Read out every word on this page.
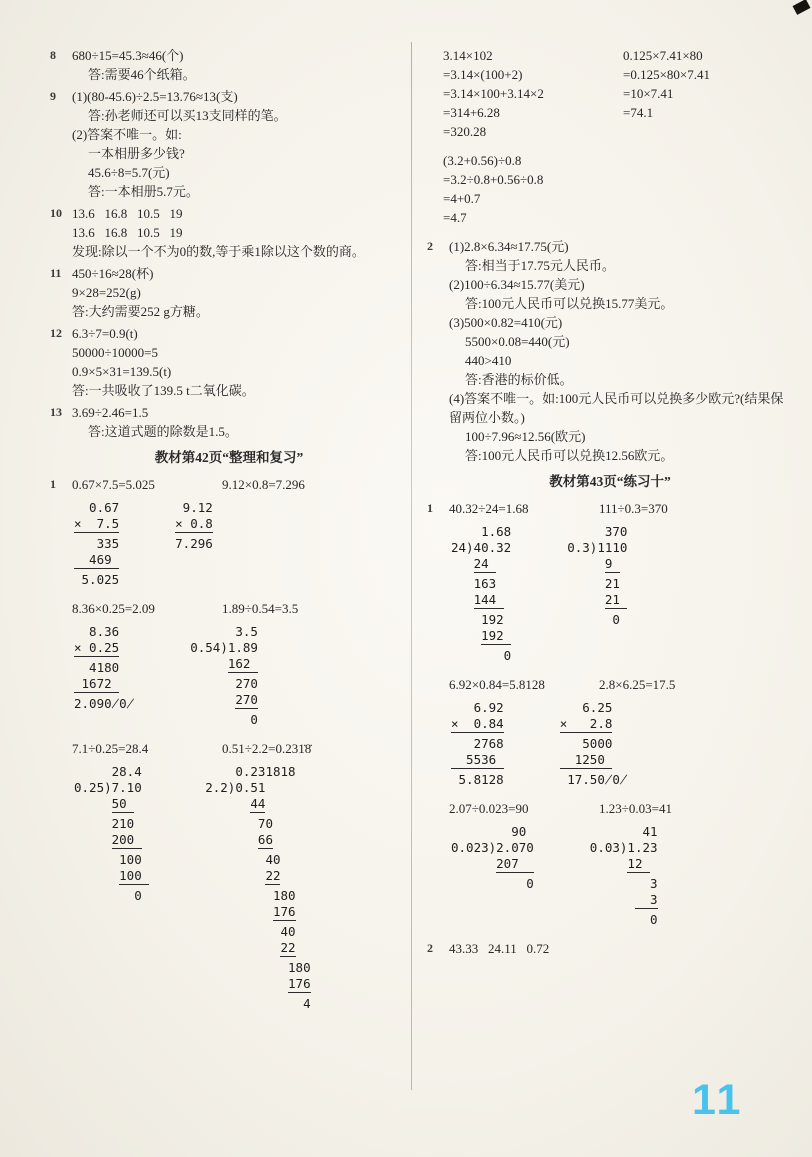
8	680÷15=45.3≈46(个)
答:需要46个纸箱。
9	(1)(80-45.6)÷2.5=13.76≈13(支)
答:孙老师还可以买13支同样的笔。
(2)答案不唯一。如:
一本相册多少钱?
45.6÷8=5.7(元)
答:一本相册5.7元。
10 13.6   16.8   10.5   19
13.6   16.8   10.5   19
发现:除以一个不为0的数,等于乘1除以这个数的商。
11 450÷16≈28(杯)
9×28=252(g)
答:大约需要252 g方糖。
12 6.3÷7=0.9(t)
50000÷10000=5
0.9×5×31=139.5(t)
答:一共吸收了139.5 t二氧化碳。
13 3.69÷2.46=1.5
答:这道式题的除数是1.5。
教材第42页“整理和复习”
1	0.67×7.5=5.025	9.12×0.8=7.296
0.67
×  7.5
335
469
5.025
9.12
× 0.8
7.296
8.36×0.25=2.09	1.89÷0.54=3.5
8.36
× 0.25
4180
1672
2.090̸0̸
3.5
0.54)1.89
162
270
270
0
7.1÷0.25=28.4	0.51÷2.2=0.231̇8̇
28.4
0.25)7.10
50
210
200
100
100
0
0.231818
2.2)0.51
44
70
66
40
22
180
176
40
22
180
176
4
3.14×102
=3.14×(100+2)
=3.14×100+3.14×2
=314+6.28
=320.28
0.125×7.41×80
=0.125×80×7.41
=10×7.41
=74.1
(3.2+0.56)÷0.8
=3.2÷0.8+0.56÷0.8
=4+0.7
=4.7
2	(1)2.8×6.34≈17.75(元)
答:相当于17.75元人民币。
(2)100÷6.34≈15.77(美元)
答:100元人民币可以兑换15.77美元。
(3)500×0.82=410(元)
5500×0.08=440(元)
440>410
答:香港的标价低。
(4)答案不唯一。如:100元人民币可以兑换多少欧元?(结果保留两位小数。)
100÷7.96≈12.56(欧元)
答:100元人民币可以兑换12.56欧元。
教材第43页“练习十”
1	40.32÷24=1.68	111÷0.3=370
1.68
24)40.32
24
163
144
192
192
0
370
0.3)1110
9
21
21
0
6.92×0.84=5.8128	2.8×6.25=17.5
6.92
×  0.84
2768
5536
5.8128
6.25
×   2.8
5000
1250
17.50̸0̸
2.07÷0.023=90	1.23÷0.03=41
90
0.023)2.070
207
0
41
0.03)1.23
12
3
3
0
2	43.33   24.11   0.72
11
